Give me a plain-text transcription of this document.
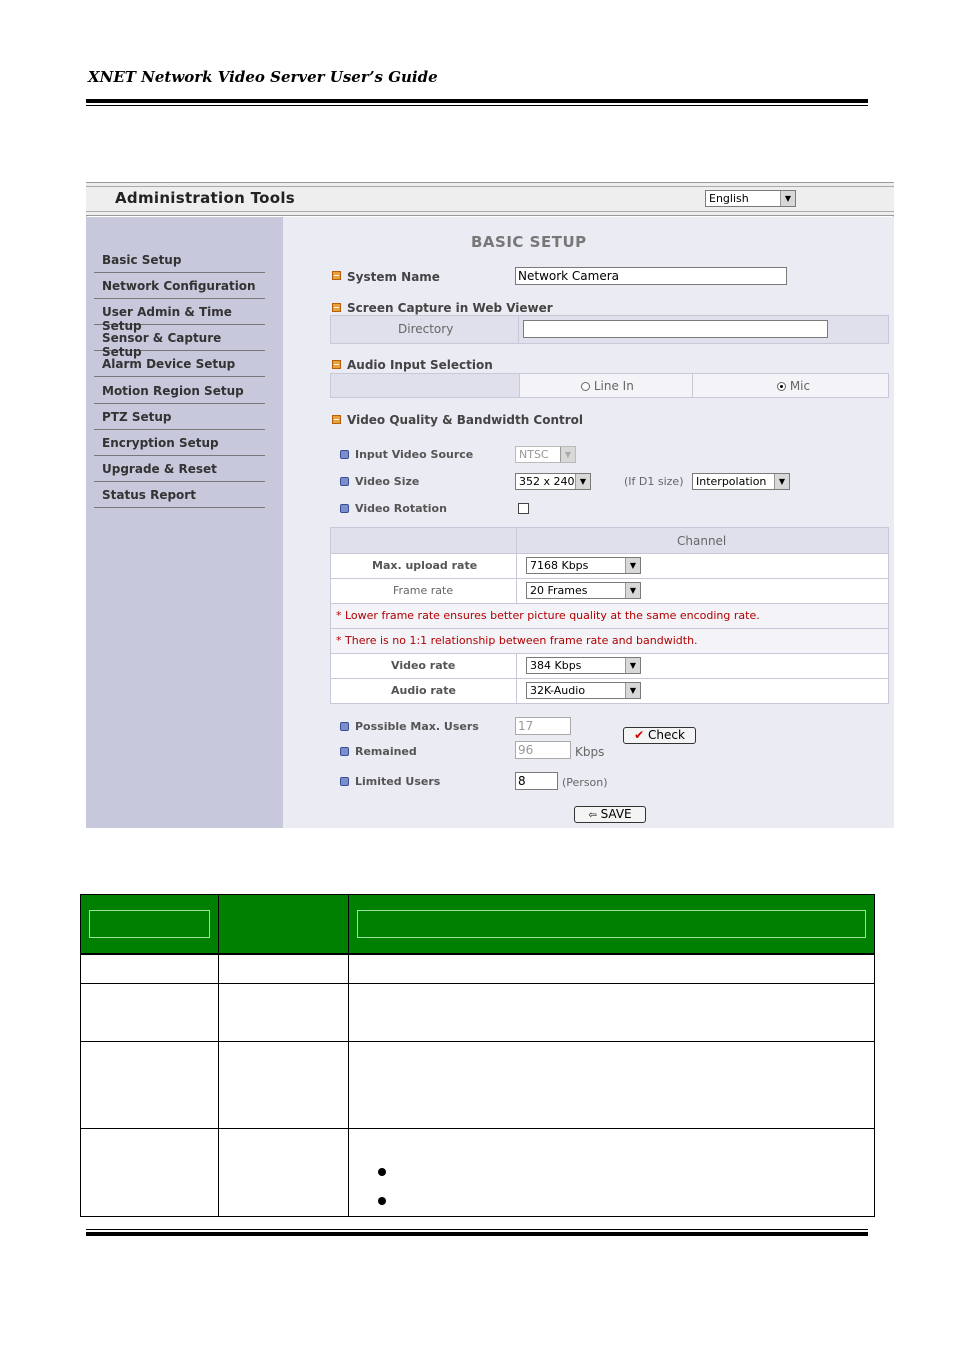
XNET Network Video Server User’s Guide
Administration Tools	English	▼
Basic Setup
Network Configuration
User Admin & Time Setup
Sensor & Capture Setup
Alarm Device Setup
Motion Region Setup
PTZ Setup
Encryption Setup
Upgrade & Reset
Status Report
BASIC SETUP
System Name	Network Camera
Screen Capture in Web Viewer
Directory
Audio Input Selection
Line In	Mic
Video Quality & Bandwidth Control
Input Video Source	NTSC	▼
Video Size	352 x 240 ▼	(If D1 size)	Interpolation	▼
Video Rotation
Channel
Max. upload rate	7168 Kbps	▼
Frame rate	20 Frames	▼
* Lower frame rate ensures better picture quality at the same encoding rate.
* There is no 1:1 relationship between frame rate and bandwidth.
Video rate	384 Kbps	▼
Audio rate	32K-Audio	▼
Possible Max. Users	17
✔ Check
Remained	96	Kbps
Limited Users	8	(Person)
⇦ SAVE
